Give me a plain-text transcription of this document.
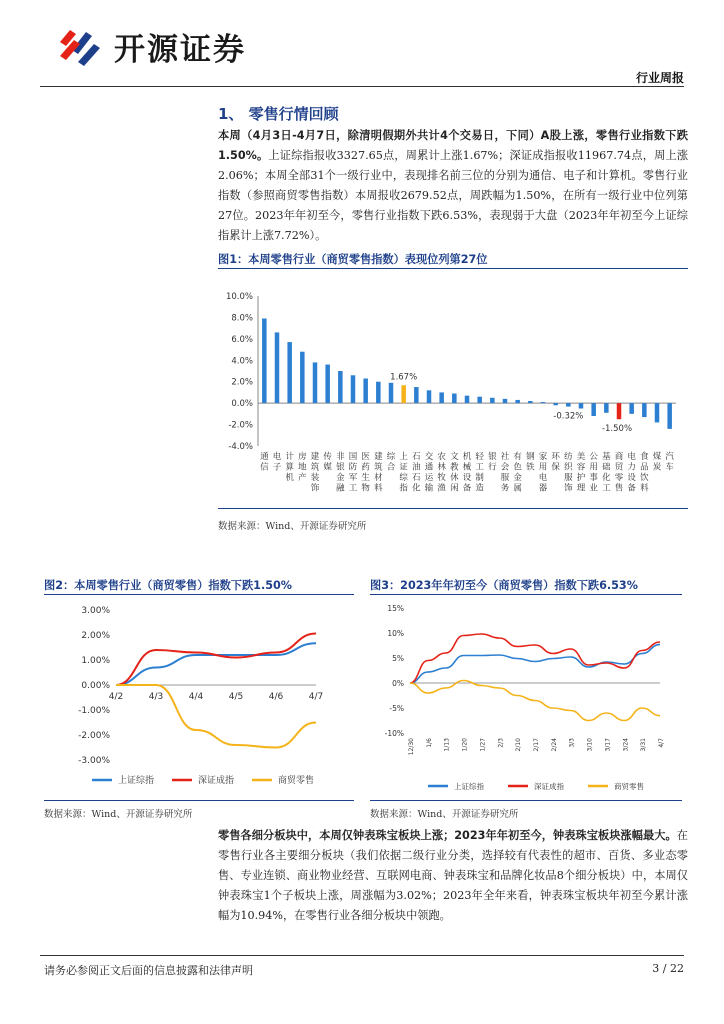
开源证券
行业周报
1、 零售行情回顾
本周（4月3日-4月7日，除清明假期外共计4个交易日，下同）A股上涨，零售行业指数下跌1.50%。上证综指报收3327.65点，周累计上涨1.67%；深证成指报收11967.74点，周上涨2.06%；本周全部31个一级行业中，表现排名前三位的分别为通信、电子和计算机。零售行业指数（参照商贸零售指数）本周报收2679.52点，周跌幅为1.50%，在所有一级行业中位列第27位。2023年年初至今，零售行业指数下跌6.53%，表现弱于大盘（2023年年初至今上证综指累计上涨7.72%）。
图1：本周零售行业（商贸零售指数）表现位列第27位
10.0%
8.0%
6.0%
4.0%
2.0%
0.0%
-2.0%
-4.0%
1.67%
-0.32%
-1.50%
通信
电子
计算机
房地产
建筑装饰
传媒
非银金融
国防军工
医药生物
建筑材料
综合
上证综指
石油石化
交通运输
农林牧渔
文教休闲
机械设备
轻工制造
银行
社会服务
有色金属
钢铁
家用电器
环保
纺织服饰
美容护理
公用事业
基础化工
商贸零售
电力设备
食品饮料
煤炭
汽车
数据来源：Wind、开源证券研究所
图2：本周零售行业（商贸零售）指数下跌1.50%
3.00%
2.00%
1.00%
0.00%
-1.00%
-2.00%
-3.00%
4/2	4/3	4/4	4/5	4/6	4/7
上证综指	深证成指	商贸零售
数据来源：Wind、开源证券研究所
图3：2023年年初至今（商贸零售）指数下跌6.53%
15%
10%
5%
0%
-5%
-10%
12/30 1/6 1/13 1/20 1/27 2/3 2/10 2/17 2/24 3/3 3/10 3/17 3/24 3/31 4/7
上证综指	深证成指	商贸零售
数据来源：Wind、开源证券研究所
零售各细分板块中，本周仅钟表珠宝板块上涨；2023年年初至今，钟表珠宝板块涨幅最大。在零售行业各主要细分板块（我们依据二级行业分类，选择较有代表性的超市、百货、多业态零售、专业连锁、商业物业经营、互联网电商、钟表珠宝和品牌化妆品8个细分板块）中，本周仅钟表珠宝1个子板块上涨，周涨幅为3.02%；2023年全年来看，钟表珠宝板块年初至今累计涨幅为10.94%，在零售行业各细分板块中领跑。
请务必参阅正文后面的信息披露和法律声明	3 / 22
